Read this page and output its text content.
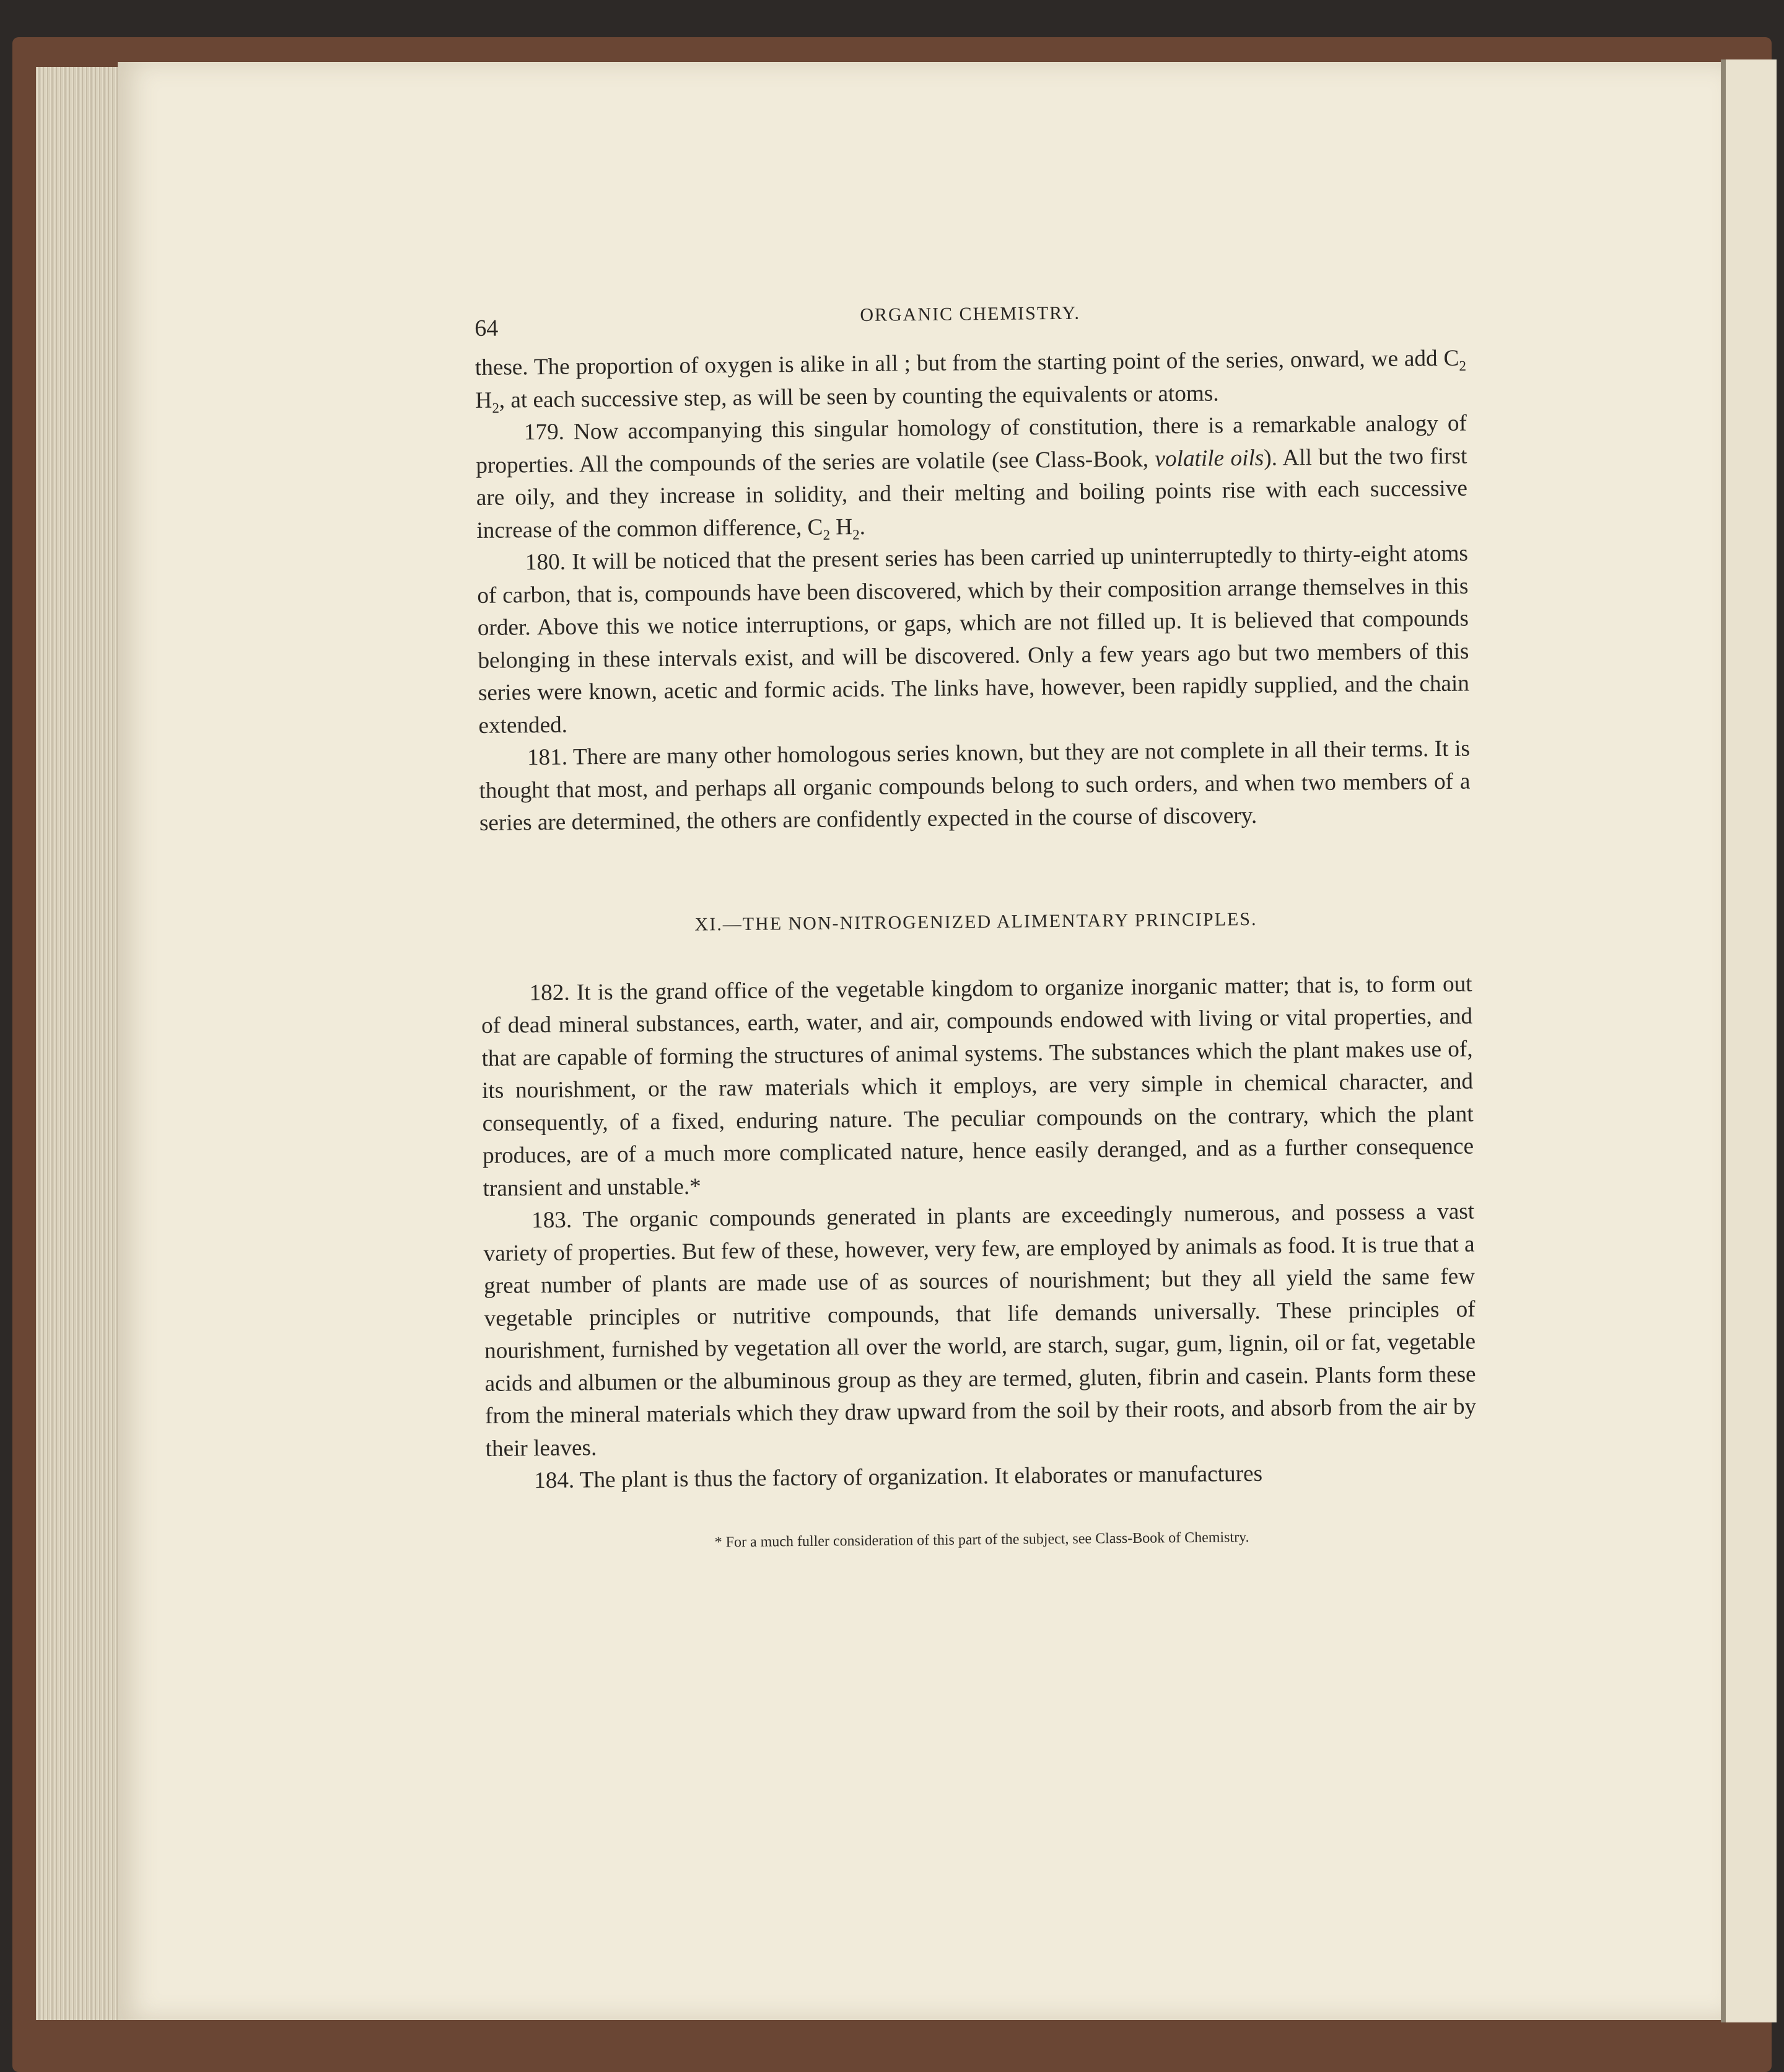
64
ORGANIC CHEMISTRY.

these. The proportion of oxygen is alike in all ; but from the starting point of the series, onward, we add $C_2$ $H_2$, at each successive step, as will be seen by counting the equivalents or atoms.

179. Now accompanying this singular homology of constitution, there is a remarkable analogy of properties. All the compounds of the series are volatile (see Class-Book, volatile oils). All but the two first are oily, and they increase in solidity, and their melting and boiling points rise with each successive increase of the common difference, $C_2$ $H_2$.

180. It will be noticed that the present series has been carried up uninterruptedly to thirty-eight atoms of carbon, that is, compounds have been discovered, which by their composition arrange themselves in this order. Above this we notice interruptions, or gaps, which are not filled up. It is believed that compounds belonging in these intervals exist, and will be discovered. Only a few years ago but two members of this series were known, acetic and formic acids. The links have, however, been rapidly supplied, and the chain extended.

181. There are many other homologous series known, but they are not complete in all their terms. It is thought that most, and perhaps all organic compounds belong to such orders, and when two members of a series are determined, the others are confidently expected in the course of discovery.

XI.—THE NON-NITROGENIZED ALIMENTARY PRINCIPLES.

182. It is the grand office of the vegetable kingdom to organize inorganic matter; that is, to form out of dead mineral substances, earth, water, and air, compounds endowed with living or vital properties, and that are capable of forming the structures of animal systems. The substances which the plant makes use of, its nourishment, or the raw materials which it employs, are very simple in chemical character, and consequently, of a fixed, enduring nature. The peculiar compounds on the contrary, which the plant produces, are of a much more complicated nature, hence easily deranged, and as a further consequence transient and unstable.*

183. The organic compounds generated in plants are exceedingly numerous, and possess a vast variety of properties. But few of these, however, very few, are employed by animals as food. It is true that a great number of plants are made use of as sources of nourishment; but they all yield the same few vegetable principles or nutritive compounds, that life demands universally. These principles of nourishment, furnished by vegetation all over the world, are starch, sugar, gum, lignin, oil or fat, vegetable acids and albumen or the albuminous group as they are termed, gluten, fibrin and casein. Plants form these from the mineral materials which they draw upward from the soil by their roots, and absorb from the air by their leaves.

184. The plant is thus the factory of organization. It elaborates or manufactures

* For a much fuller consideration of this part of the subject, see Class-Book of Chemistry.
